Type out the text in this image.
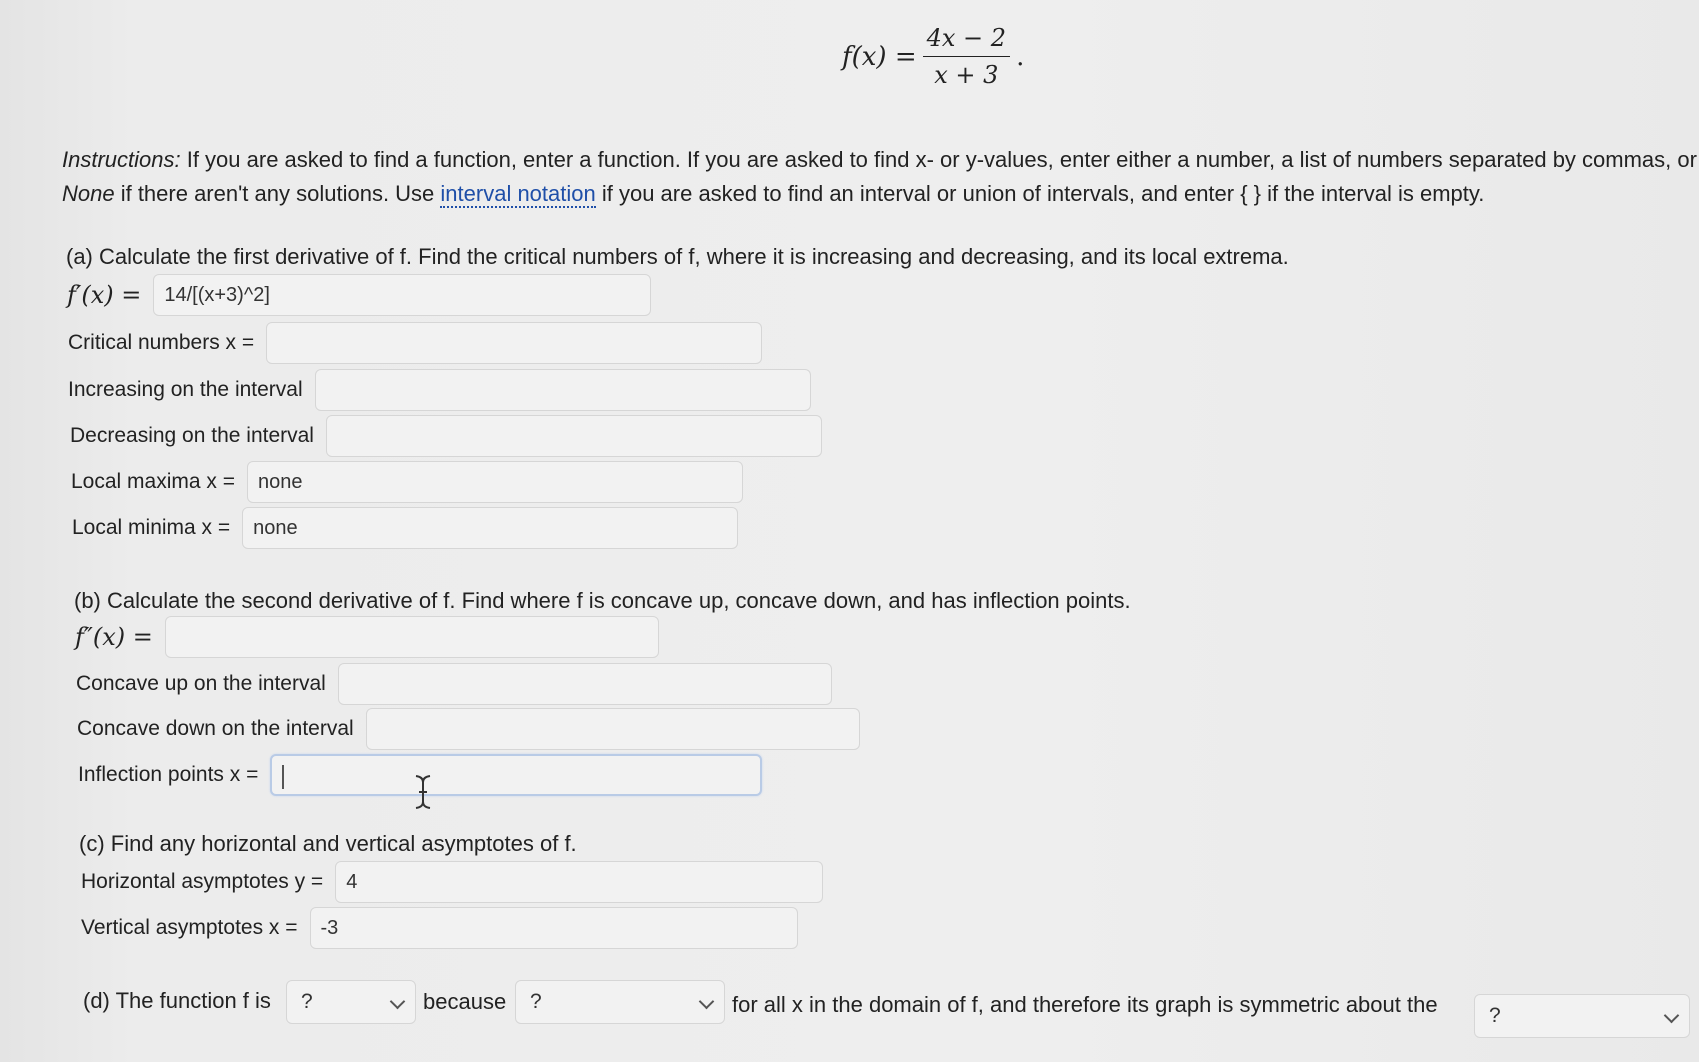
$f(x) = \frac{4x - 2}{x + 3}$ .
Instructions: If you are asked to find a function, enter a function. If you are asked to find x- or y-values, enter either a number, a list of numbers separated by commas, or
None if there aren't any solutions. Use interval notation if you are asked to find an interval or union of intervals, and enter { } if the interval is empty.
(a) Calculate the first derivative of f. Find the critical numbers of f, where it is increasing and decreasing, and its local extrema.
f′(x) =	14/[(x+3)^2]
Critical numbers x =
Increasing on the interval
Decreasing on the interval
Local maxima x =	none
Local minima x =	none
(b) Calculate the second derivative of f. Find where f is concave up, concave down, and has inflection points.
f″(x) =
Concave up on the interval
Concave down on the interval
Inflection points x =
(c) Find any horizontal and vertical asymptotes of f.
Horizontal asymptotes y =	4
Vertical asymptotes x =	-3
(d) The function f is	?	because	?	for all x in the domain of f, and therefore its graph is symmetric about the	?
